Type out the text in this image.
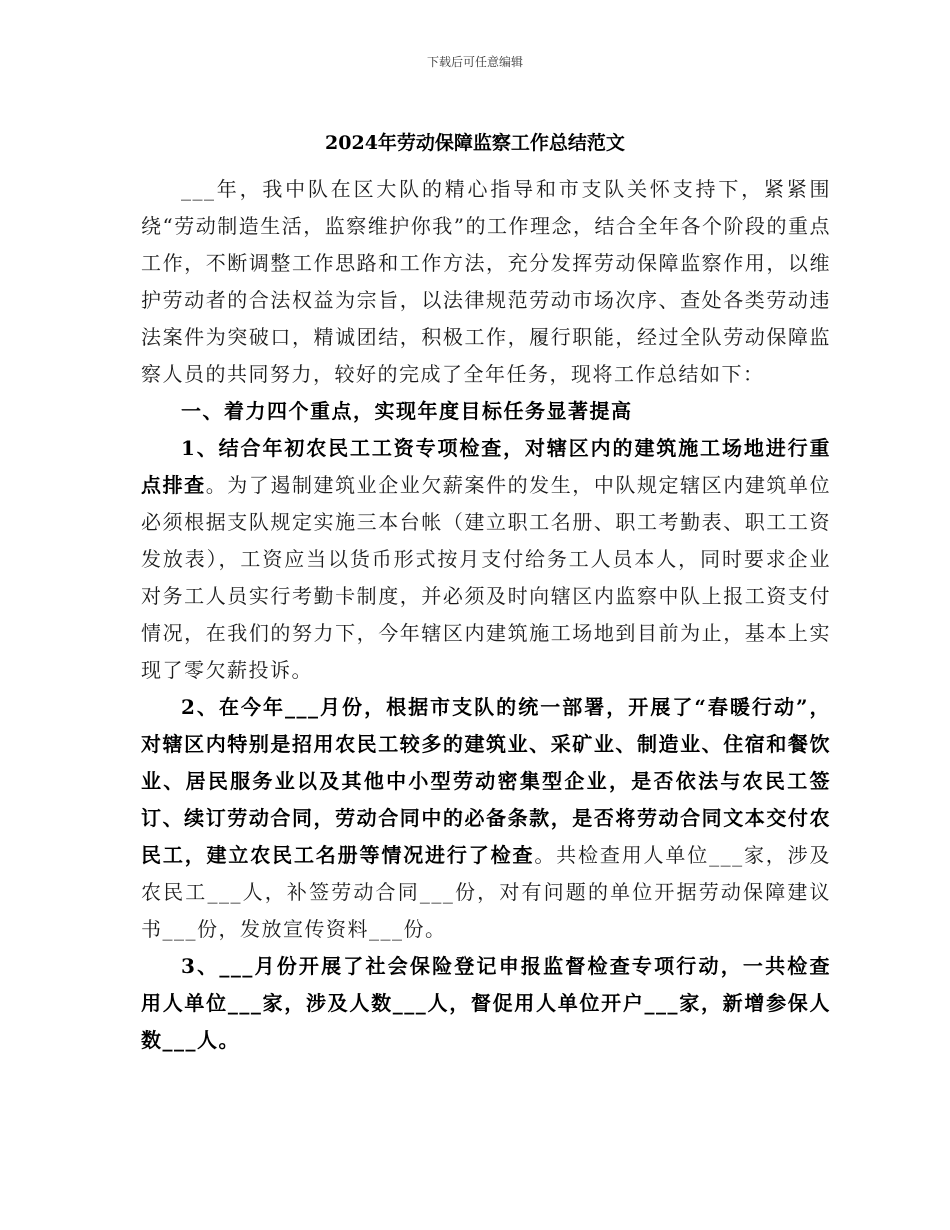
下载后可任意编辑
2024年劳动保障监察工作总结范文

___年，我中队在区大队的精心指导和市支队关怀支持下，紧紧围绕“劳动制造生活，监察维护你我”的工作理念，结合全年各个阶段的重点工作，不断调整工作思路和工作方法，充分发挥劳动保障监察作用，以维护劳动者的合法权益为宗旨，以法律规范劳动市场次序、查处各类劳动违法案件为突破口，精诚团结，积极工作，履行职能，经过全队劳动保障监察人员的共同努力，较好的完成了全年任务，现将工作总结如下：

一、着力四个重点，实现年度目标任务显著提高

1、结合年初农民工工资专项检查，对辖区内的建筑施工场地进行重点排查。为了遏制建筑业企业欠薪案件的发生，中队规定辖区内建筑单位必须根据支队规定实施三本台帐（建立职工名册、职工考勤表、职工工资发放表），工资应当以货币形式按月支付给务工人员本人，同时要求企业对务工人员实行考勤卡制度，并必须及时向辖区内监察中队上报工资支付情况，在我们的努力下，今年辖区内建筑施工场地到目前为止，基本上实现了零欠薪投诉。

2、在今年___月份，根据市支队的统一部署，开展了“春暖行动”，对辖区内特别是招用农民工较多的建筑业、采矿业、制造业、住宿和餐饮业、居民服务业以及其他中小型劳动密集型企业，是否依法与农民工签订、续订劳动合同，劳动合同中的必备条款，是否将劳动合同文本交付农民工，建立农民工名册等情况进行了检查。共检查用人单位___家，涉及农民工___人，补签劳动合同___份，对有问题的单位开据劳动保障建议书___份，发放宣传资料___份。

3、___月份开展了社会保险登记申报监督检查专项行动，一共检查用人单位___家，涉及人数___人，督促用人单位开户___家，新增参保人数___人。
